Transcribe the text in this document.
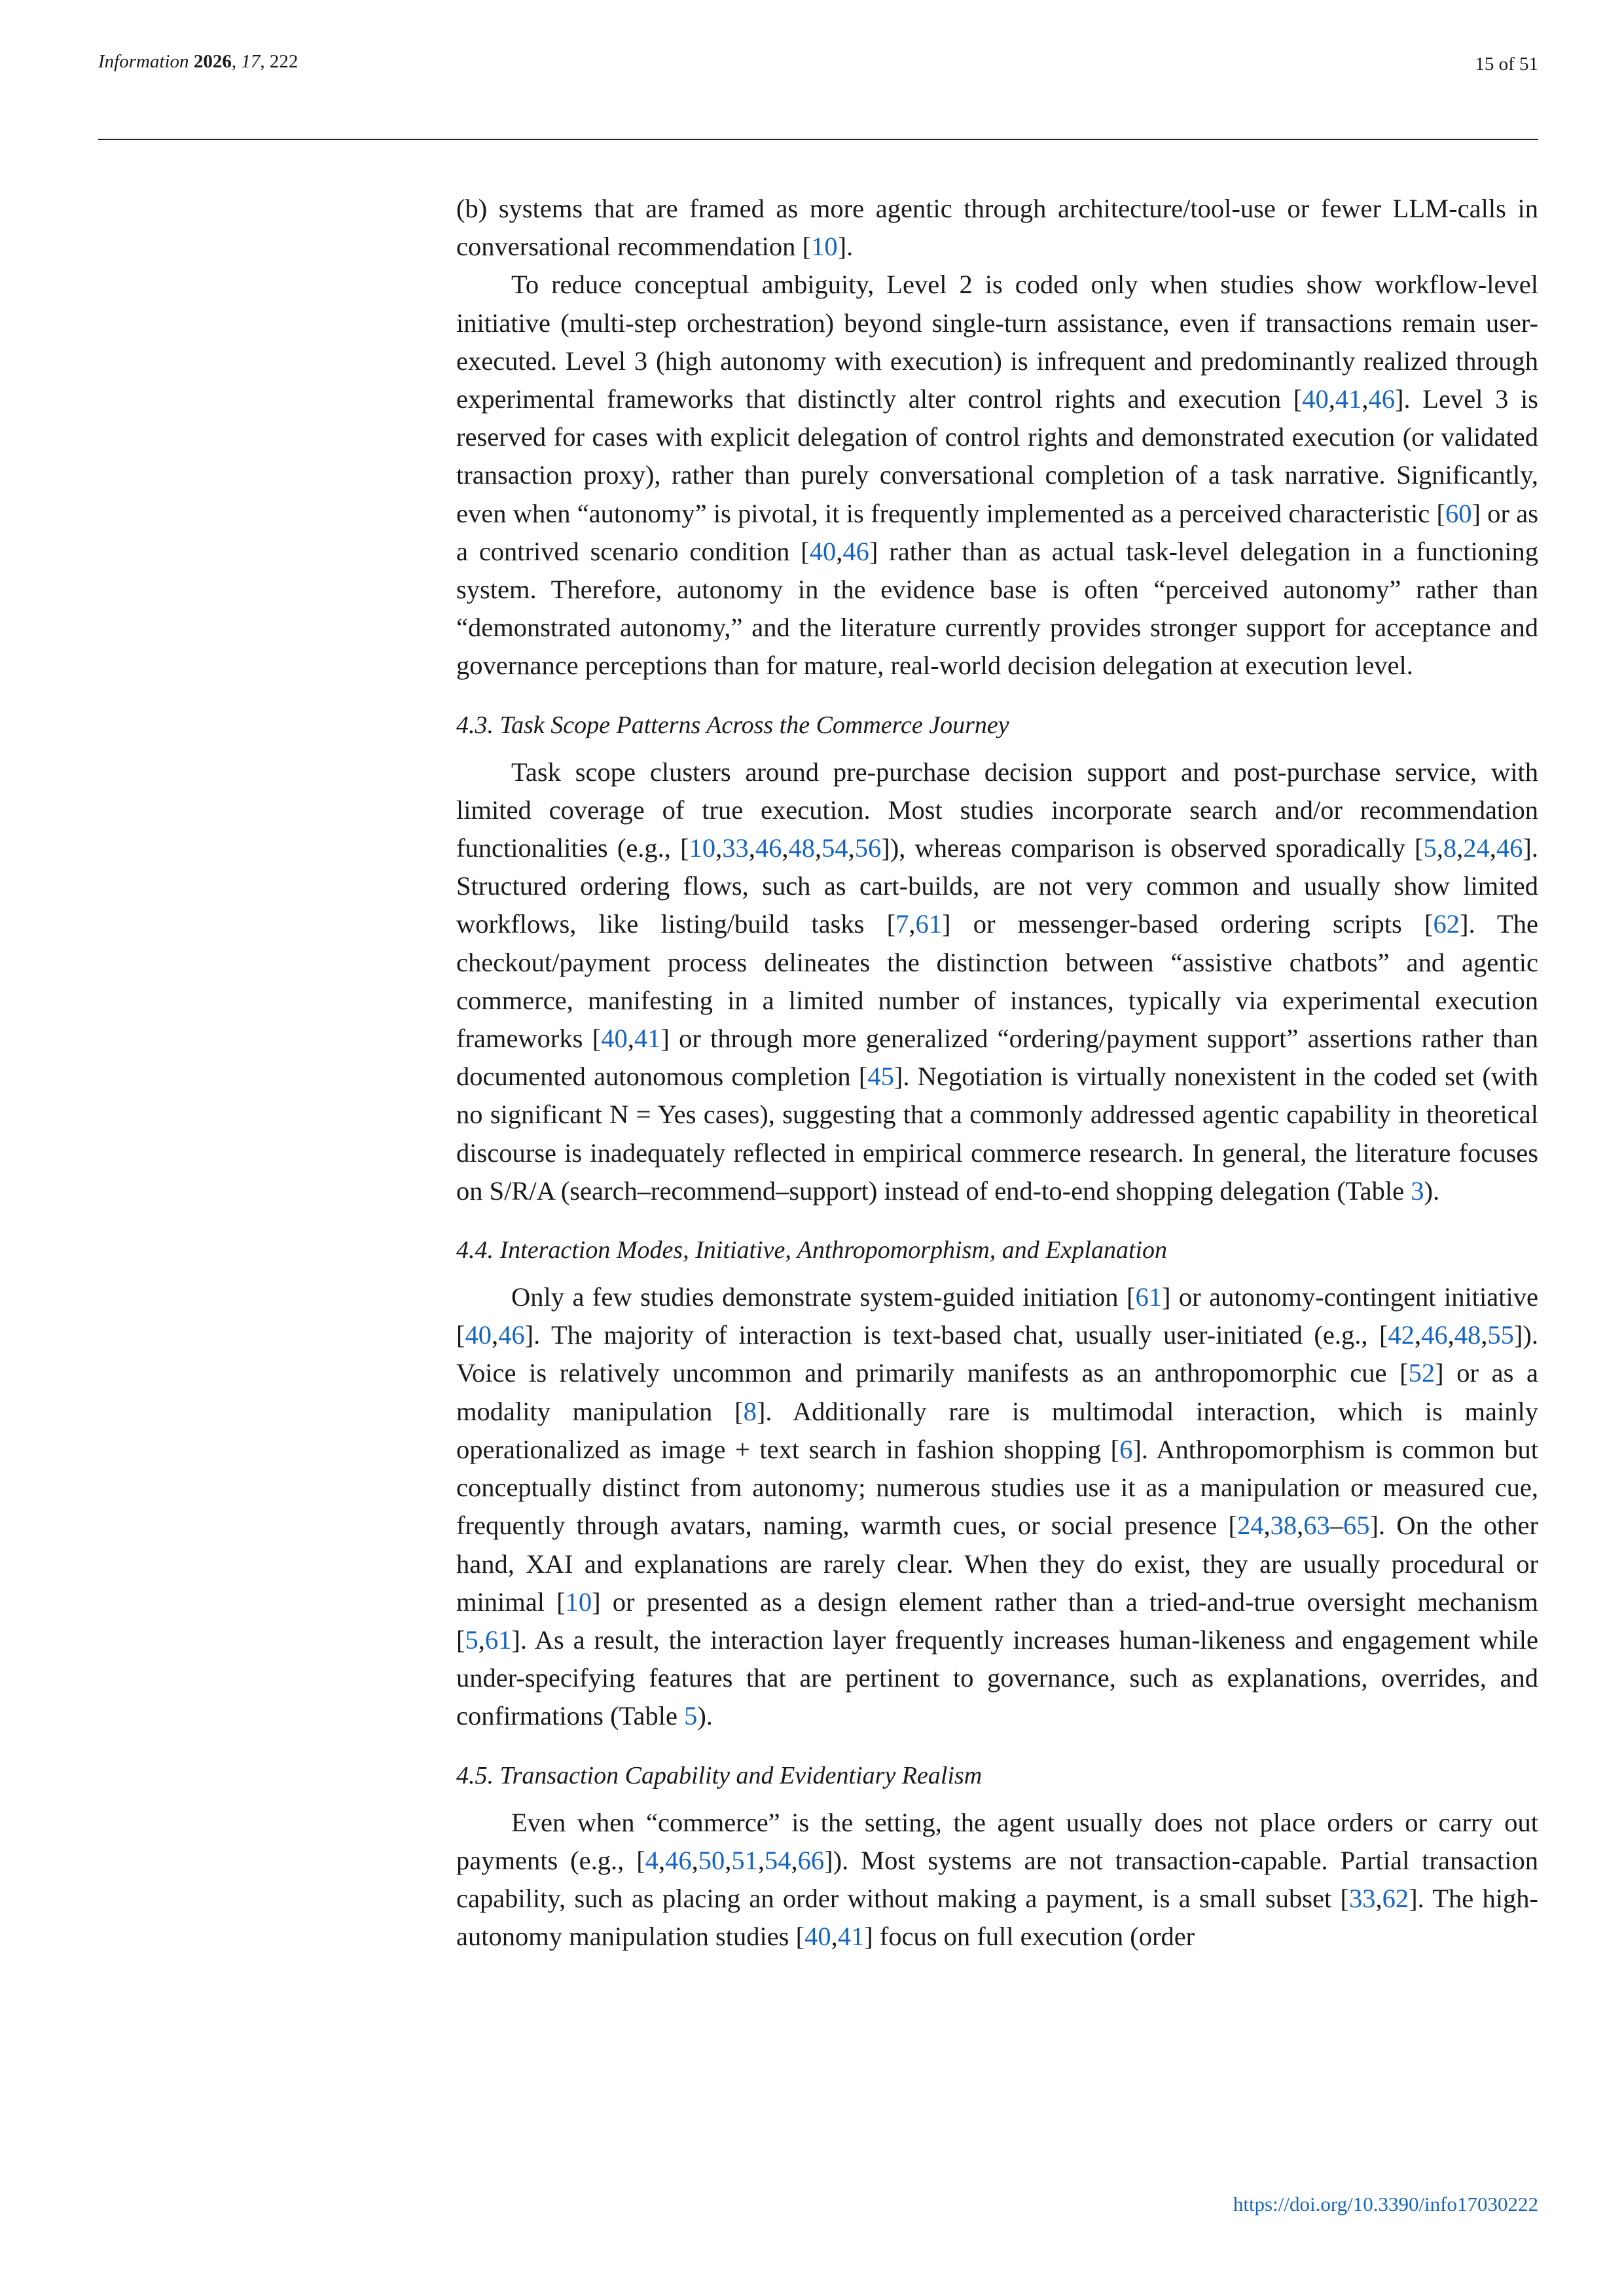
Information 2026, 17, 222	15 of 51

(b) systems that are framed as more agentic through architecture/tool-use or fewer LLM-calls in conversational recommendation [10].

To reduce conceptual ambiguity, Level 2 is coded only when studies show workflow-level initiative (multi-step orchestration) beyond single-turn assistance, even if transactions remain user-executed. Level 3 (high autonomy with execution) is infrequent and predominantly realized through experimental frameworks that distinctly alter control rights and execution [40,41,46]. Level 3 is reserved for cases with explicit delegation of control rights and demonstrated execution (or validated transaction proxy), rather than purely conversational completion of a task narrative. Significantly, even when “autonomy” is pivotal, it is frequently implemented as a perceived characteristic [60] or as a contrived scenario condition [40,46] rather than as actual task-level delegation in a functioning system. Therefore, autonomy in the evidence base is often “perceived autonomy” rather than “demonstrated autonomy,” and the literature currently provides stronger support for acceptance and governance perceptions than for mature, real-world decision delegation at execution level.

4.3. Task Scope Patterns Across the Commerce Journey

Task scope clusters around pre-purchase decision support and post-purchase service, with limited coverage of true execution. Most studies incorporate search and/or recommendation functionalities (e.g., [10,33,46,48,54,56]), whereas comparison is observed sporadically [5,8,24,46]. Structured ordering flows, such as cart-builds, are not very common and usually show limited workflows, like listing/build tasks [7,61] or messenger-based ordering scripts [62]. The checkout/payment process delineates the distinction between “assistive chatbots” and agentic commerce, manifesting in a limited number of instances, typically via experimental execution frameworks [40,41] or through more generalized “ordering/payment support” assertions rather than documented autonomous completion [45]. Negotiation is virtually nonexistent in the coded set (with no significant N = Yes cases), suggesting that a commonly addressed agentic capability in theoretical discourse is inadequately reflected in empirical commerce research. In general, the literature focuses on S/R/A (search–recommend–support) instead of end-to-end shopping delegation (Table 3).

4.4. Interaction Modes, Initiative, Anthropomorphism, and Explanation

Only a few studies demonstrate system-guided initiation [61] or autonomy-contingent initiative [40,46]. The majority of interaction is text-based chat, usually user-initiated (e.g., [42,46,48,55]). Voice is relatively uncommon and primarily manifests as an anthropomorphic cue [52] or as a modality manipulation [8]. Additionally rare is multimodal interaction, which is mainly operationalized as image + text search in fashion shopping [6]. Anthropomorphism is common but conceptually distinct from autonomy; numerous studies use it as a manipulation or measured cue, frequently through avatars, naming, warmth cues, or social presence [24,38,63–65]. On the other hand, XAI and explanations are rarely clear. When they do exist, they are usually procedural or minimal [10] or presented as a design element rather than a tried-and-true oversight mechanism [5,61]. As a result, the interaction layer frequently increases human-likeness and engagement while under-specifying features that are pertinent to governance, such as explanations, overrides, and confirmations (Table 5).

4.5. Transaction Capability and Evidentiary Realism

Even when “commerce” is the setting, the agent usually does not place orders or carry out payments (e.g., [4,46,50,51,54,66]). Most systems are not transaction-capable. Partial transaction capability, such as placing an order without making a payment, is a small subset [33,62]. The high-autonomy manipulation studies [40,41] focus on full execution (order

https://doi.org/10.3390/info17030222
